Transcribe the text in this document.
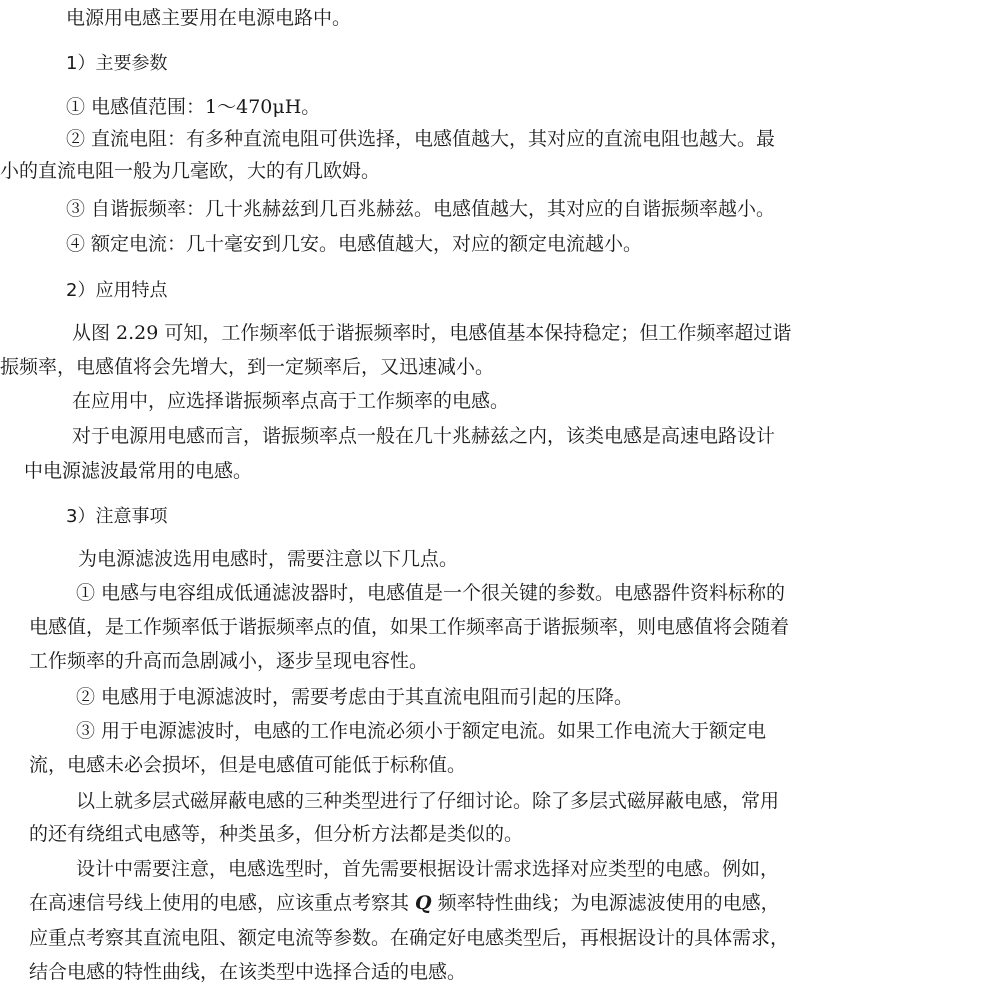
电源用电感主要用在电源电路中。
1）主要参数
① 电感值范围：1～470μH。
② 直流电阻：有多种直流电阻可供选择，电感值越大，其对应的直流电阻也越大。最
小的直流电阻一般为几毫欧，大的有几欧姆。
③ 自谐振频率：几十兆赫兹到几百兆赫兹。电感值越大，其对应的自谐振频率越小。
④ 额定电流：几十毫安到几安。电感值越大，对应的额定电流越小。
2）应用特点
从图 2.29 可知，工作频率低于谐振频率时，电感值基本保持稳定；但工作频率超过谐
振频率，电感值将会先增大，到一定频率后，又迅速减小。
在应用中，应选择谐振频率点高于工作频率的电感。
对于电源用电感而言，谐振频率点一般在几十兆赫兹之内，该类电感是高速电路设计
中电源滤波最常用的电感。
3）注意事项
为电源滤波选用电感时，需要注意以下几点。
① 电感与电容组成低通滤波器时，电感值是一个很关键的参数。电感器件资料标称的
电感值，是工作频率低于谐振频率点的值，如果工作频率高于谐振频率，则电感值将会随着
工作频率的升高而急剧减小，逐步呈现电容性。
② 电感用于电源滤波时，需要考虑由于其直流电阻而引起的压降。
③ 用于电源滤波时，电感的工作电流必须小于额定电流。如果工作电流大于额定电
流，电感未必会损坏，但是电感值可能低于标称值。
以上就多层式磁屏蔽电感的三种类型进行了仔细讨论。除了多层式磁屏蔽电感，常用
的还有绕组式电感等，种类虽多，但分析方法都是类似的。
设计中需要注意，电感选型时，首先需要根据设计需求选择对应类型的电感。例如，
在高速信号线上使用的电感，应该重点考察其 Q 频率特性曲线；为电源滤波使用的电感，
应重点考察其直流电阻、额定电流等参数。在确定好电感类型后，再根据设计的具体需求，
结合电感的特性曲线，在该类型中选择合适的电感。
